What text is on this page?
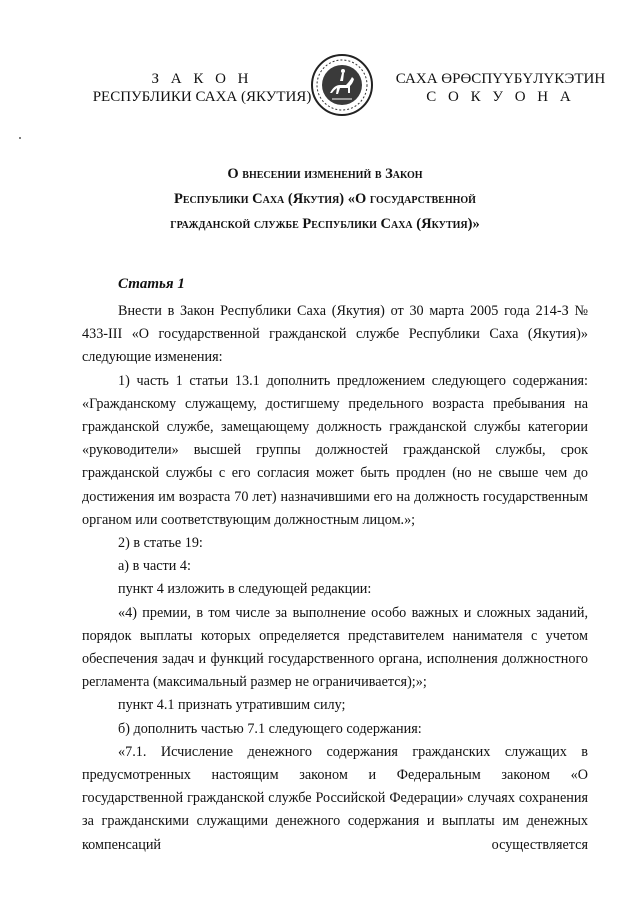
З А К О Н
РЕСПУБЛИКИ САХА (ЯКУТИЯ)
САХА ӨРӨСПҮҮБҮЛҮКЭТИН
С О К У О Н А
О внесении изменений в Закон
Республики Саха (Якутия) «О государственной
гражданской службе Республики Саха (Якутия)»
Статья 1

Внести в Закон Республики Саха (Якутия) от 30 марта 2005 года 214-З № 433-III «О государственной гражданской службе Республики Саха (Якутия)» следующие изменения:

1) часть 1 статьи 13.1 дополнить предложением следующего содержания: «Гражданскому служащему, достигшему предельного возраста пребывания на гражданской службе, замещающему должность гражданской службы категории «руководители» высшей группы должностей гражданской службы, срок гражданской службы с его согласия может быть продлен (но не свыше чем до достижения им возраста 70 лет) назначившими его на должность государственным органом или соответствующим должностным лицом.»;

2) в статье 19:

а) в части 4:

пункт 4 изложить в следующей редакции:

«4) премии, в том числе за выполнение особо важных и сложных заданий, порядок выплаты которых определяется представителем нанимателя с учетом обеспечения задач и функций государственного органа, исполнения должностного регламента (максимальный размер не ограничивается);»;

пункт 4.1 признать утратившим силу;

б) дополнить частью 7.1 следующего содержания:

«7.1. Исчисление денежного содержания гражданских служащих в предусмотренных настоящим законом и Федеральным законом «О государственной гражданской службе Российской Федерации» случаях сохранения за гражданскими служащими денежного содержания и выплаты им денежных компенсаций осуществляется
